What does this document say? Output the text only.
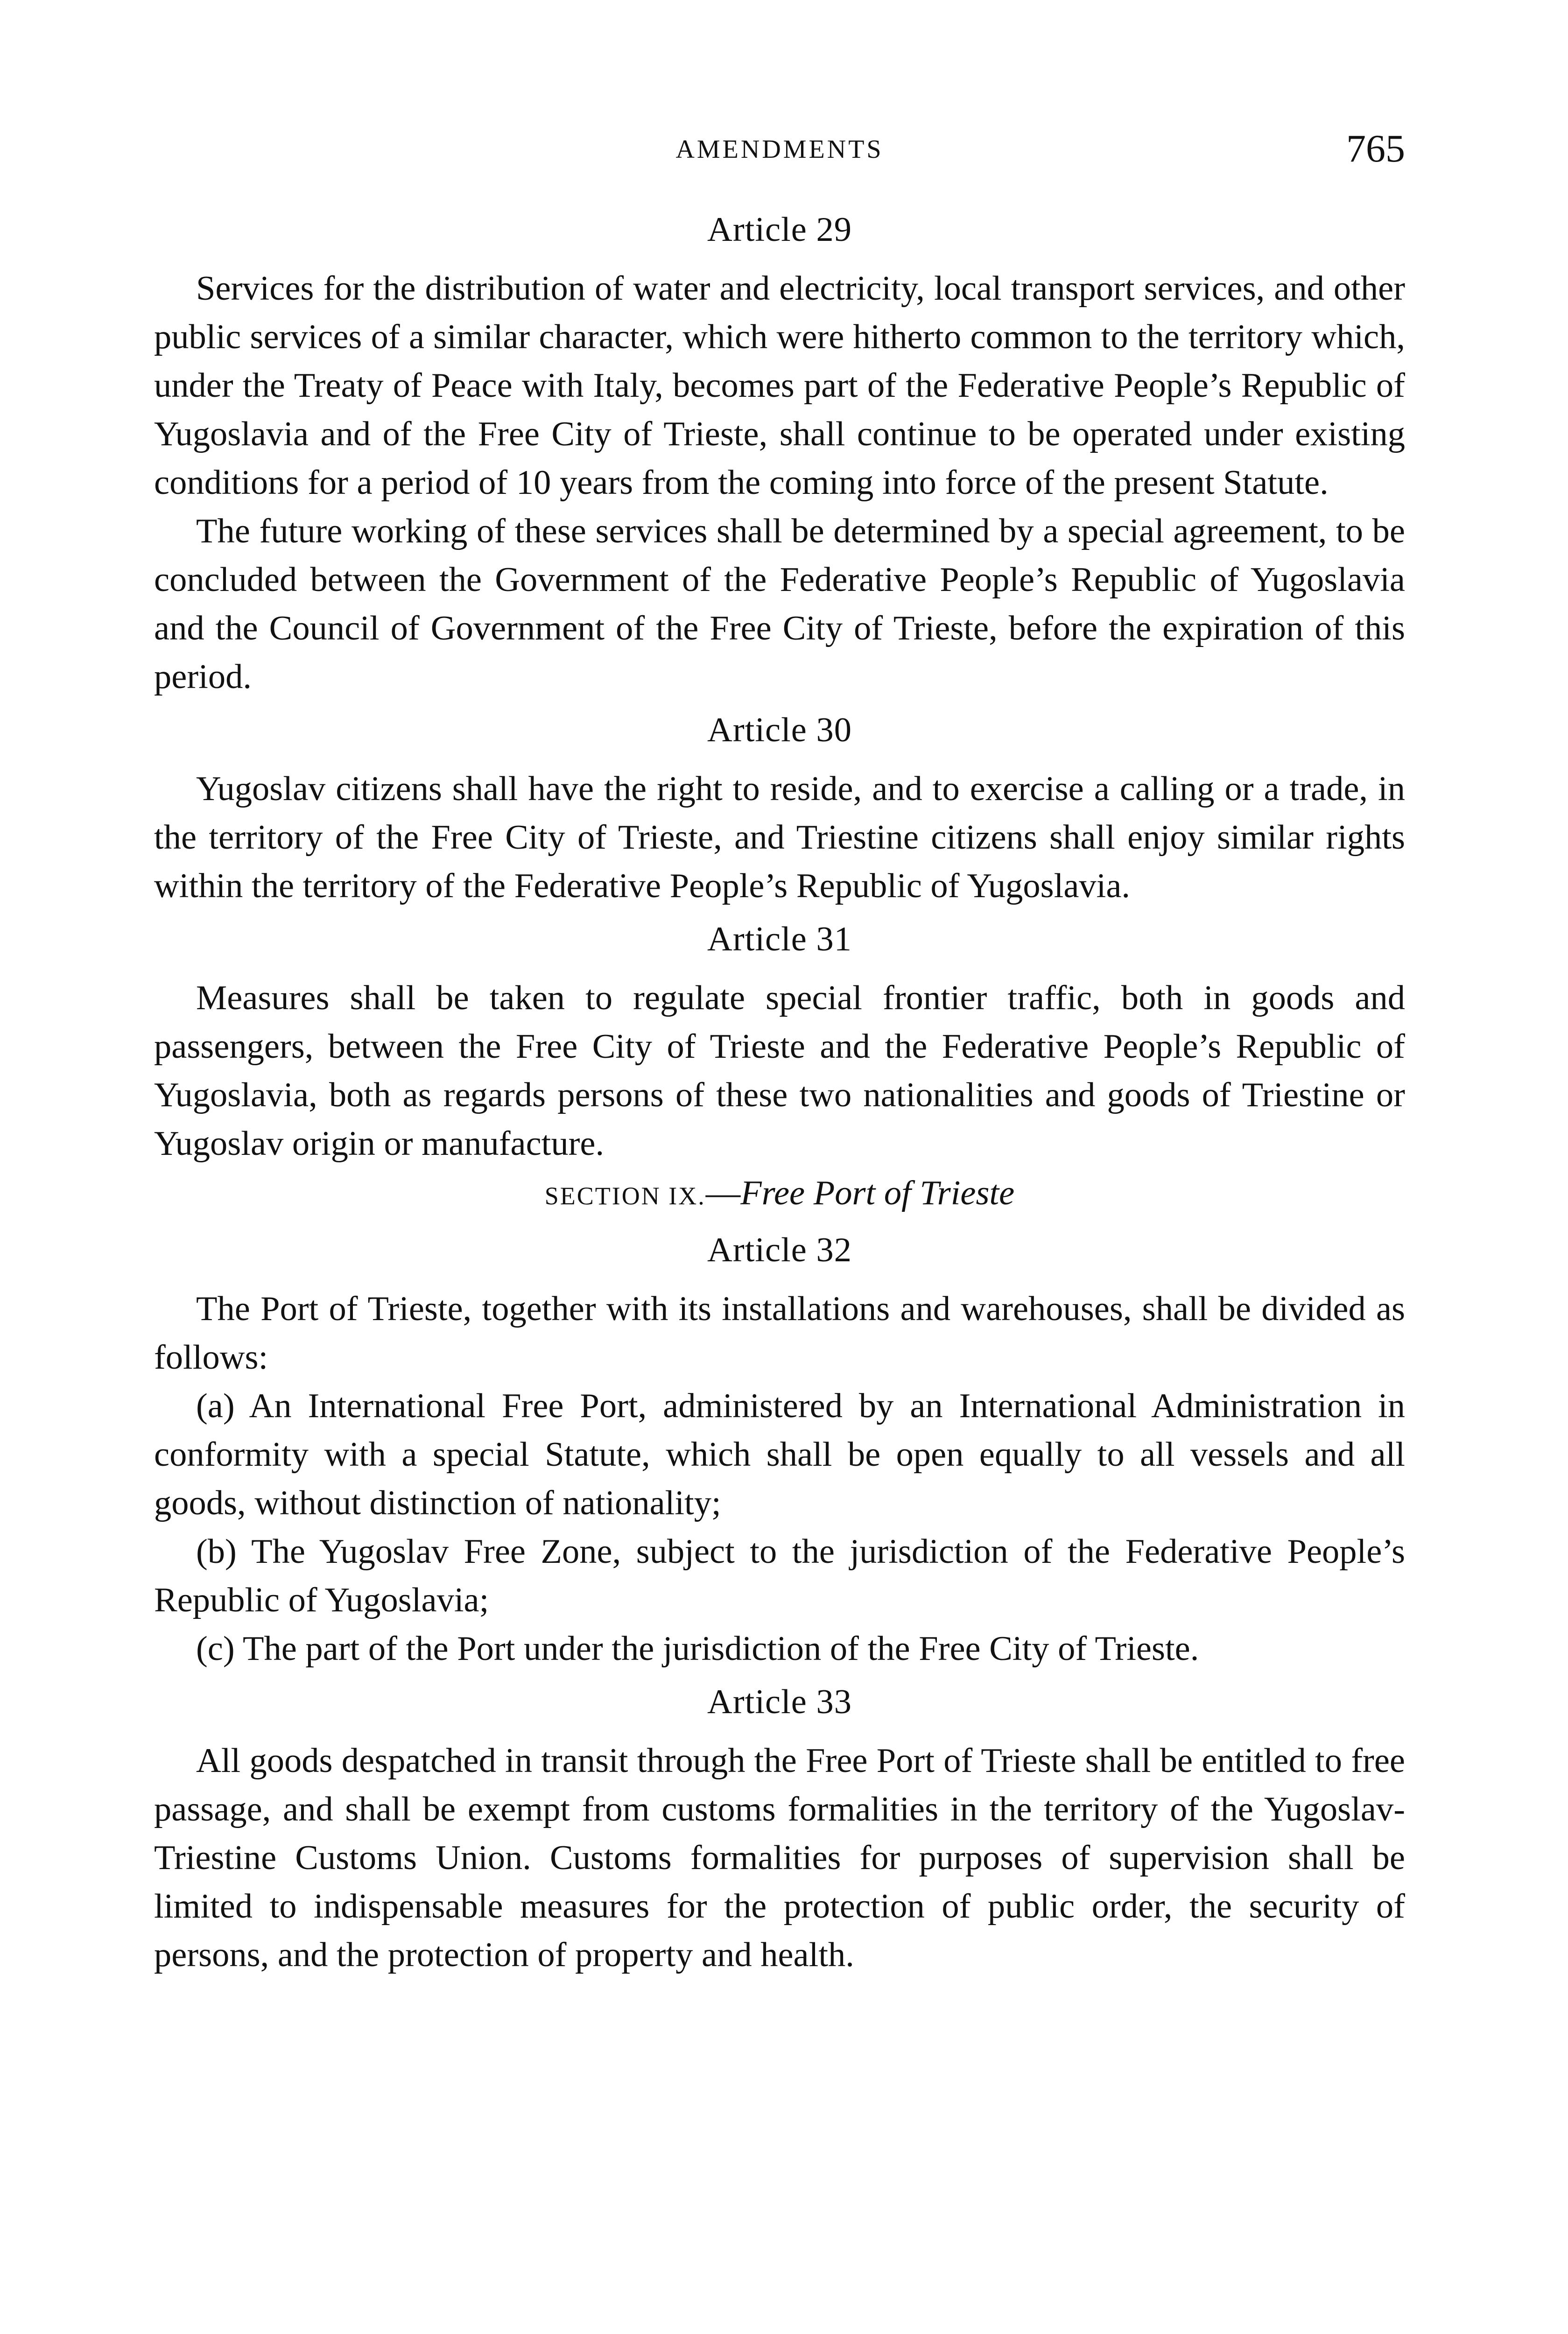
AMENDMENTS	765
Article 29

Services for the distribution of water and electricity, local transport services, and other public services of a similar character, which were hitherto common to the territory which, under the Treaty of Peace with Italy, becomes part of the Federative People’s Republic of Yugoslavia and of the Free City of Trieste, shall continue to be operated under existing conditions for a period of 10 years from the coming into force of the present Statute.

The future working of these services shall be determined by a special agreement, to be concluded between the Government of the Federative People’s Republic of Yugoslavia and the Council of Government of the Free City of Trieste, before the expiration of this period.

Article 30

Yugoslav citizens shall have the right to reside, and to exercise a calling or a trade, in the territory of the Free City of Trieste, and Triestine citizens shall enjoy similar rights within the territory of the Federative People’s Republic of Yugoslavia.

Article 31

Measures shall be taken to regulate special frontier traffic, both in goods and passengers, between the Free City of Trieste and the Federative People’s Republic of Yugoslavia, both as regards persons of these two nationalities and goods of Triestine or Yugoslav origin or manufacture.

SECTION IX.—Free Port of Trieste
Article 32

The Port of Trieste, together with its installations and warehouses, shall be divided as follows:

(a) An International Free Port, administered by an International Administration in conformity with a special Statute, which shall be open equally to all vessels and all goods, without distinction of nationality;

(b) The Yugoslav Free Zone, subject to the jurisdiction of the Federative People’s Republic of Yugoslavia;

(c) The part of the Port under the jurisdiction of the Free City of Trieste.

Article 33

All goods despatched in transit through the Free Port of Trieste shall be entitled to free passage, and shall be exempt from customs formalities in the territory of the Yugoslav-Triestine Customs Union. Customs formalities for purposes of supervision shall be limited to indispensable measures for the protection of public order, the security of persons, and the protection of property and health.
